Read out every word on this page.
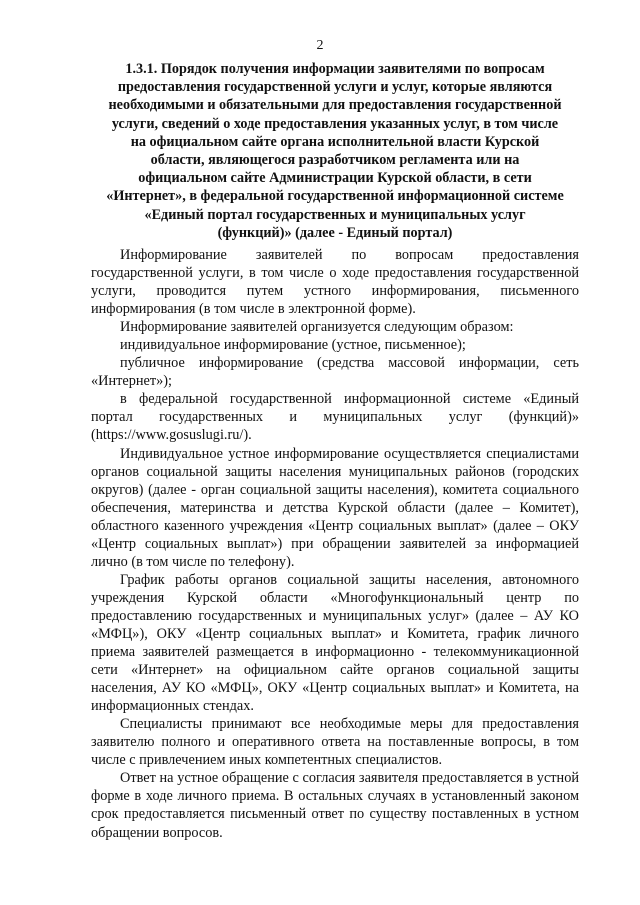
2
1.3.1. Порядок получения информации заявителями по вопросам
предоставления государственной услуги и услуг, которые являются
необходимыми и обязательными для предоставления государственной
услуги, сведений о ходе предоставления указанных услуг, в том числе
на официальном сайте органа исполнительной власти Курской
области, являющегося разработчиком регламента или на
официальном сайте Администрации Курской области, в сети
«Интернет», в федеральной государственной информационной системе
«Единый портал государственных и муниципальных услуг
(функций)» (далее - Единый портал)

Информирование заявителей по вопросам предоставления государственной услуги, в том числе о ходе предоставления государственной услуги, проводится путем устного информирования, письменного информирования (в том числе в электронной форме).

Информирование заявителей организуется следующим образом:

индивидуальное информирование (устное, письменное);

публичное информирование (средства массовой информации, сеть «Интернет»);

в федеральной государственной информационной системе «Единый портал государственных и муниципальных услуг (функций)» (https://www.gosuslugi.ru/).

Индивидуальное устное информирование осуществляется специалистами органов социальной защиты населения муниципальных районов (городских округов) (далее - орган социальной защиты населения), комитета социального обеспечения, материнства и детства Курской области (далее – Комитет), областного казенного учреждения «Центр социальных выплат» (далее – ОКУ «Центр социальных выплат») при обращении заявителей за информацией лично (в том числе по телефону).

График работы органов социальной защиты населения, автономного учреждения Курской области «Многофункциональный центр по предоставлению государственных и муниципальных услуг» (далее – АУ КО «МФЦ»), ОКУ «Центр социальных выплат» и Комитета, график личного приема заявителей размещается в информационно - телекоммуникационной сети «Интернет» на официальном сайте органов социальной защиты населения, АУ КО «МФЦ», ОКУ «Центр социальных выплат» и Комитета, на информационных стендах.

Специалисты принимают все необходимые меры для предоставления заявителю полного и оперативного ответа на поставленные вопросы, в том числе с привлечением иных компетентных специалистов.

Ответ на устное обращение с согласия заявителя предоставляется в устной форме в ходе личного приема. В остальных случаях в установленный законом срок предоставляется письменный ответ по существу поставленных в устном обращении вопросов.
